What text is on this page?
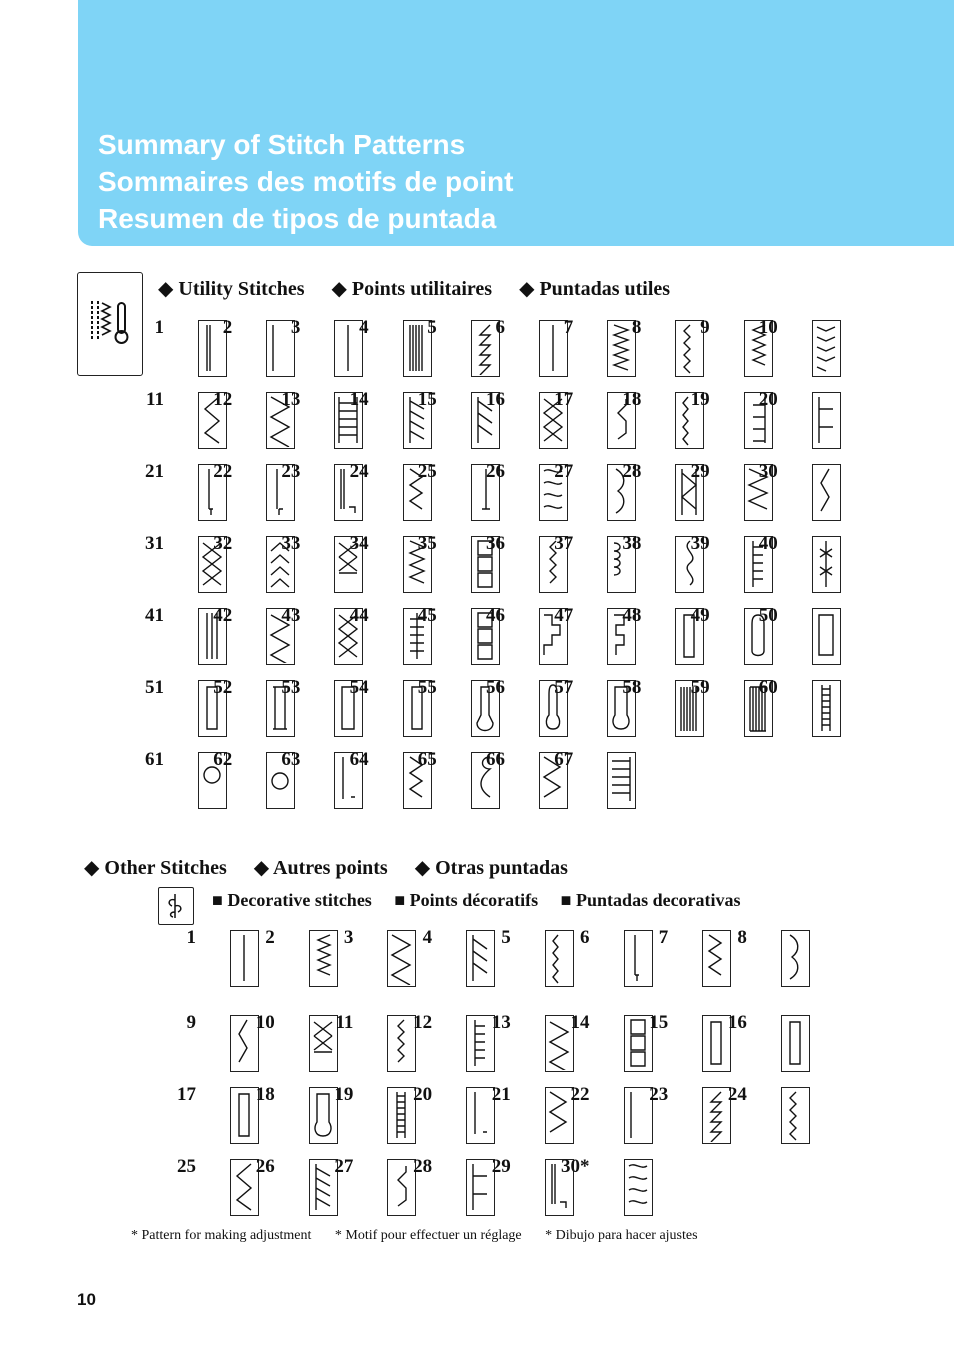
Summary of Stitch Patterns
Sommaires des motifs de point
Resumen de tipos de puntada
◆ Utility Stitches ◆ Points utilitaires ◆ Puntadas utiles
1	2	3	4	5	6	7	8	9	10
11	12	13	14	15	16	17	18	19	20
21	22	23	24	25	26	27	28	29	30
31	32	33	34	35	36	37	38	39	40
41	42	43	44	45	46	47	48	49	50
51	52	53	54	55	56	57	58	59	60
61	62	63	64	65	66	67
◆ Other Stitches ◆ Autres points ◆ Otras puntadas
■ Decorative stitches ■ Points décoratifs ■ Puntadas decorativas
1	2	3	4	5	6	7	8
9	10	11	12	13	14	15	16
17	18	19	20	21	22	23	24
25	26	27	28	29	30*
* Pattern for making adjustment * Motif pour effectuer un réglage * Dibujo para hacer ajustes
10
